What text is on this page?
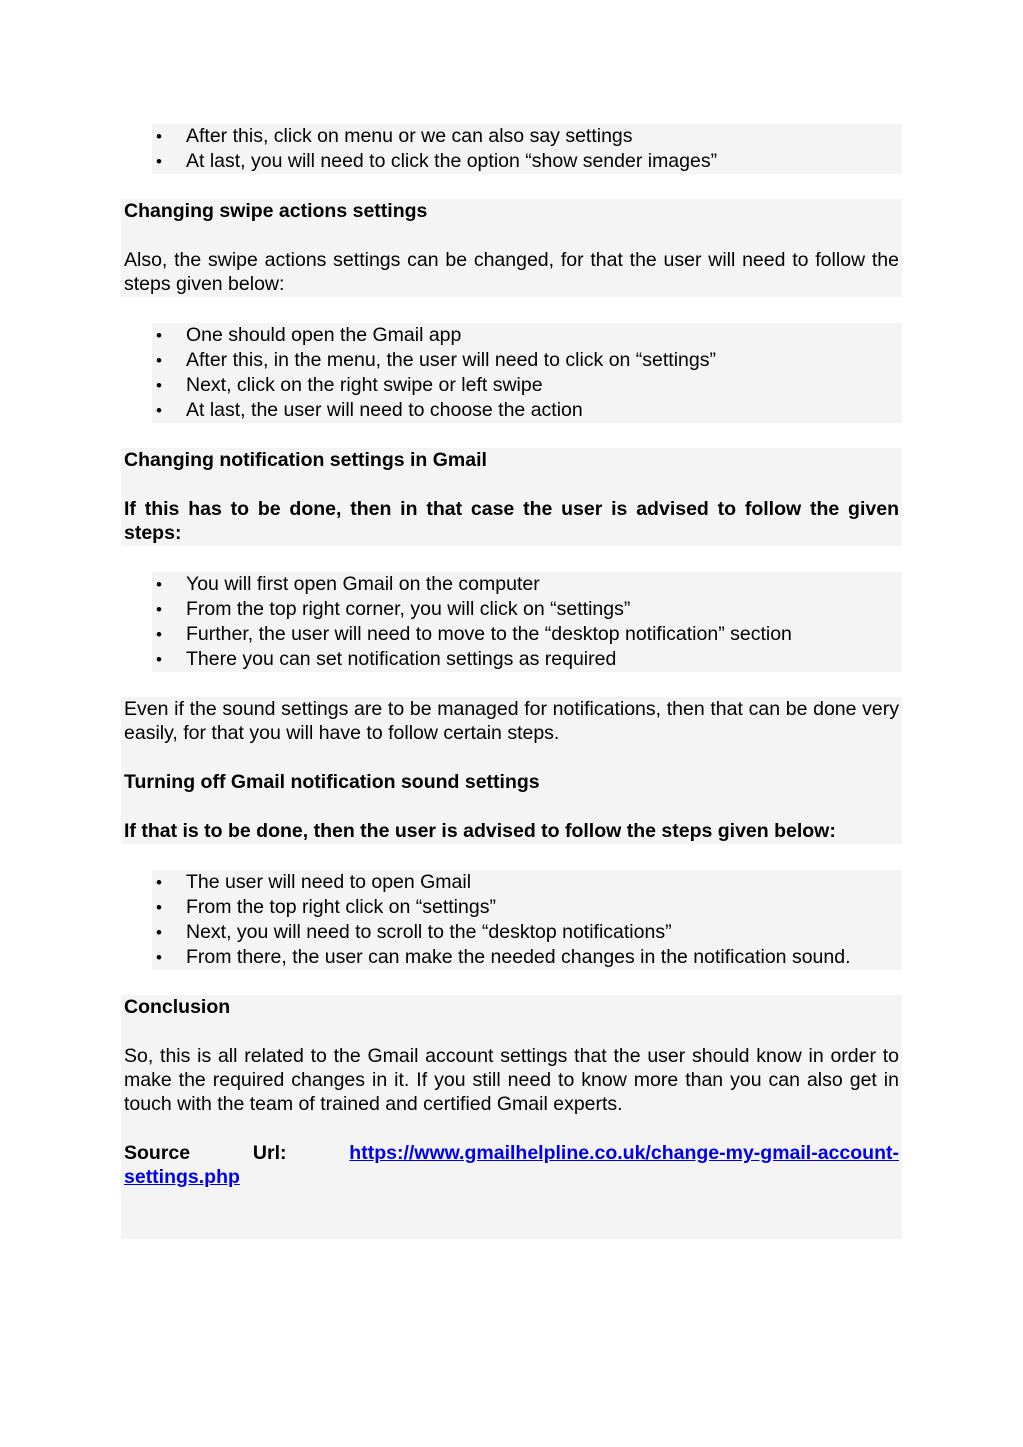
• After this, click on menu or we can also say settings
• At last, you will need to click the option “show sender images”
Changing swipe actions settings

Also, the swipe actions settings can be changed, for that the user will need to follow the steps given below:

• One should open the Gmail app
• After this, in the menu, the user will need to click on “settings”
• Next, click on the right swipe or left swipe
• At last, the user will need to choose the action
Changing notification settings in Gmail

If this has to be done, then in that case the user is advised to follow the given steps:

• You will first open Gmail on the computer
• From the top right corner, you will click on “settings”
• Further, the user will need to move to the “desktop notification” section
• There you can set notification settings as required

Even if the sound settings are to be managed for notifications, then that can be done very easily, for that you will have to follow certain steps.

Turning off Gmail notification sound settings

If that is to be done, then the user is advised to follow the steps given below:

• The user will need to open Gmail
• From the top right click on “settings”
• Next, you will need to scroll to the “desktop notifications”
• From there, the user can make the needed changes in the notification sound.
Conclusion

So, this is all related to the Gmail account settings that the user should know in order to make the required changes in it. If you still need to know more than you can also get in touch with the team of trained and certified Gmail experts.

Source	Url:	https://www.gmailhelpline.co.uk/change-my-gmail-account-
settings.php
